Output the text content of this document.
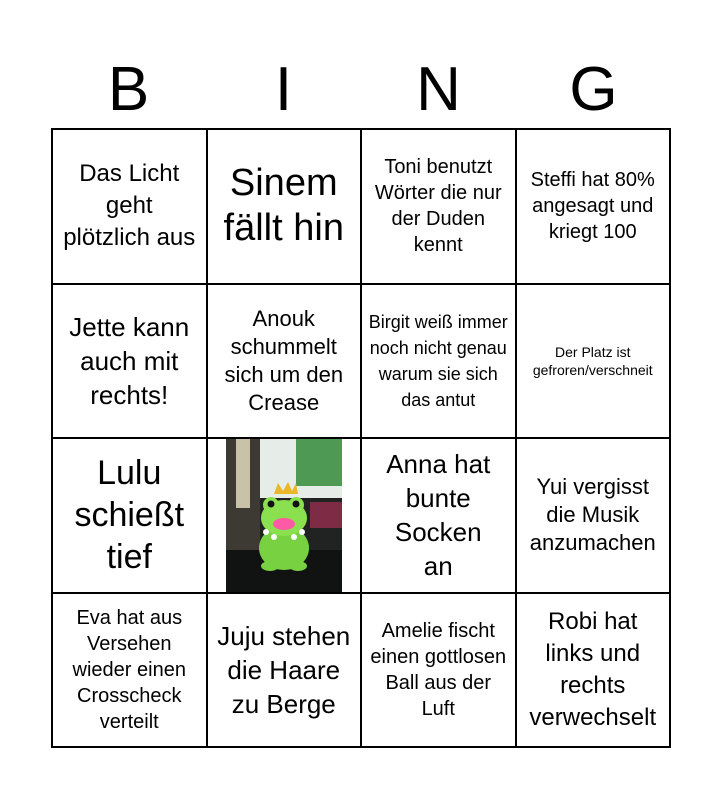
B	I	N	G
Das Licht geht plötzlich aus
Sinem fällt hin
Toni benutzt Wörter die nur der Duden kennt
Steffi hat 80% angesagt und kriegt 100
Jette kann auch mit rechts!
Anouk schummelt sich um den Crease
Birgit weiß immer noch nicht genau warum sie sich das antut
Der Platz ist gefroren/verschneit
Lulu schießt tief
Anna hat bunte Socken an
Yui vergisst die Musik anzumachen
Eva hat aus Versehen wieder einen Crosscheck verteilt
Juju stehen die Haare zu Berge
Amelie fischt einen gottlosen Ball aus der Luft
Robi hat links und rechts verwechselt
